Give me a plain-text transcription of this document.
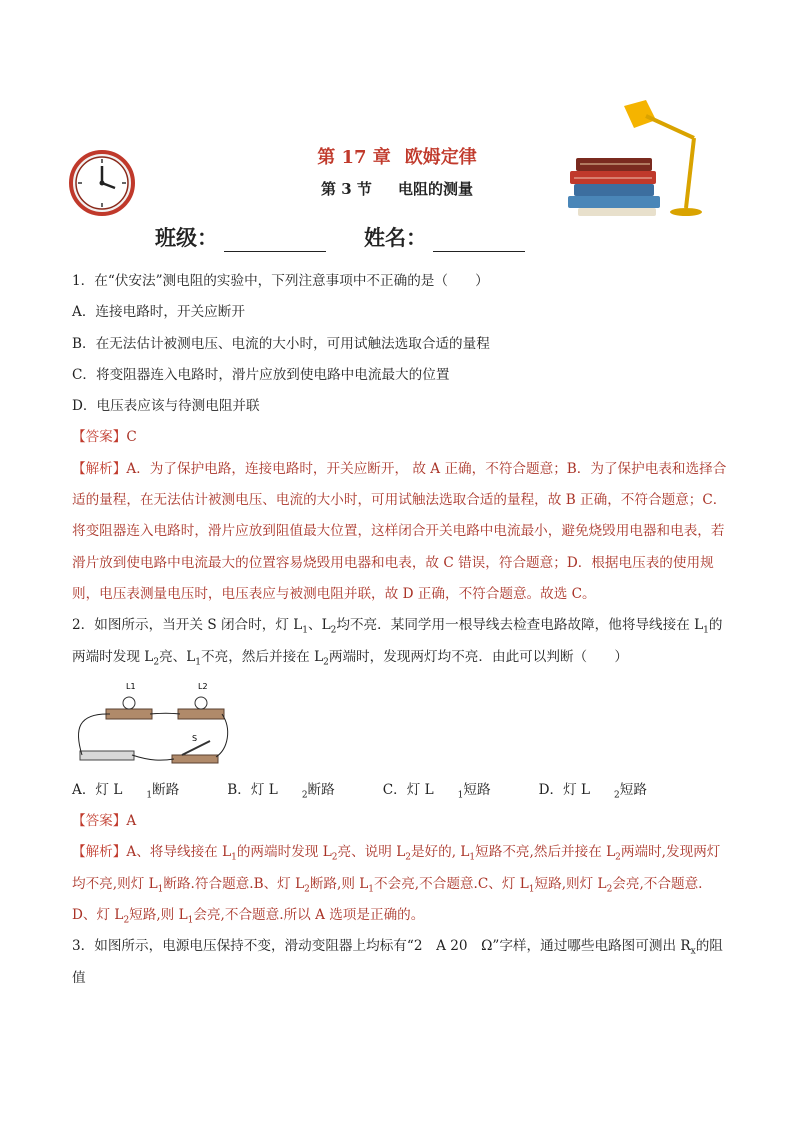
第 17 章 欧姆定律
第 3 节 电阻的测量
班级：	姓名：

1．在“伏安法”测电阻的实验中，下列注意事项中不正确的是（　　）

A．连接电路时，开关应断开

B．在无法估计被测电压、电流的大小时，可用试触法选取合适的量程

C．将变阻器连入电路时，滑片应放到使电路中电流最大的位置

D．电压表应该与待测电阻并联

【答案】C

【解析】A．为了保护电路，连接电路时，开关应断开， 故 A 正确，不符合题意；B．为了保护电表和选择合适的量程，在无法估计被测电压、电流的大小时，可用试触法选取合适的量程，故 B 正确，不符合题意；C．将变阻器连入电路时，滑片应放到阻值最大位置，这样闭合开关电路中电流最小，避免烧毁用电器和电表，若滑片放到使电路中电流最大的位置容易烧毁用电器和电表，故 C 错误，符合题意；D．根据电压表的使用规则，电压表测量电压时，电压表应与被测电阻并联，故 D 正确，不符合题意。故选 C。

2．如图所示，当开关 S 闭合时，灯 $L_1$、$L_2$均不亮．某同学用一根导线去检查电路故障，他将导线接在 $L_1$的两端时发现 $L_2$亮、$L_1$不亮，然后并接在 $L_2$两端时，发现两灯均不亮．由此可以判断（　　）

L1	L2
S

A．灯 L	$_1$断路	B．灯 L	$_2$断路	C．灯 L	$_1$短路	D．灯 L	$_2$短路

【答案】A

【解析】A、将导线接在 $L_1$的两端时发现 $L_2$亮、说明 $L_2$是好的, $L_1$短路不亮,然后并接在 $L_2$两端时,发现两灯均不亮,则灯 $L_1$断路.符合题意.B、灯 $L_2$断路,则 $L_1$不会亮,不合题意.C、灯 $L_1$短路,则灯 $L_2$会亮,不合题意.

D、灯 $L_2$短路,则 $L_1$会亮,不合题意.所以 A 选项是正确的。

3．如图所示，电源电压保持不变，滑动变阻器上均标有“2　A 20　Ω”字样，通过哪些电路图可测出 $R_x$的阻值
